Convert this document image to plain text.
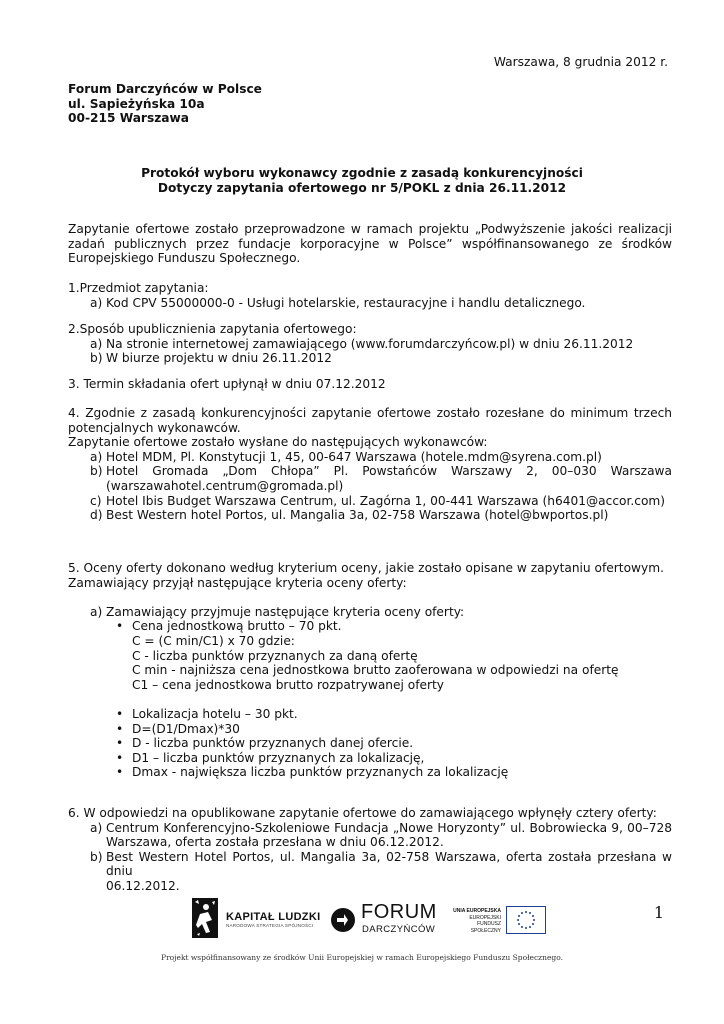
Warszawa, 8 grudnia 2012 r.
Forum Darczyńców w Polsce
ul. Sapieżyńska 10a
00-215 Warszawa
Protokół wyboru wykonawcy zgodnie z zasadą konkurencyjności
Dotyczy zapytania ofertowego nr 5/POKL z dnia 26.11.2012
Zapytanie ofertowe zostało przeprowadzone w ramach projektu „Podwyższenie jakości realizacji zadań publicznych przez fundacje korporacyjne w Polsce” współfinansowanego ze środków Europejskiego Funduszu Społecznego.
1.Przedmiot zapytania:
a) Kod CPV 55000000-0 - Usługi hotelarskie, restauracyjne i handlu detalicznego.
2.Sposób upublicznienia zapytania ofertowego:
a) Na stronie internetowej zamawiającego (www.forumdarczyńcow.pl) w dniu 26.11.2012
b) W biurze projektu w dniu 26.11.2012
3. Termin składania ofert upłynął w dniu 07.12.2012
4. Zgodnie z zasadą konkurencyjności zapytanie ofertowe zostało rozesłane do minimum trzech potencjalnych wykonawców.
Zapytanie ofertowe zostało wysłane do następujących wykonawców:
a) Hotel MDM, Pl. Konstytucji 1, 45, 00-647 Warszawa (hotele.mdm@syrena.com.pl)
b) Hotel Gromada „Dom Chłopa” Pl. Powstańców Warszawy 2, 00–030 Warszawa
(warszawahotel.centrum@gromada.pl)
c) Hotel Ibis Budget Warszawa Centrum, ul. Zagórna 1, 00-441 Warszawa (h6401@accor.com)
d) Best Western hotel Portos, ul. Mangalia 3a, 02-758 Warszawa (hotel@bwportos.pl)
5. Oceny oferty dokonano według kryterium oceny, jakie zostało opisane w zapytaniu ofertowym.
Zamawiający przyjął następujące kryteria oceny oferty:
a) Zamawiający przyjmuje następujące kryteria oceny oferty:
• Cena jednostkową brutto – 70 pkt.
C = (C min/C1) x 70 gdzie:
C - liczba punktów przyznanych za daną ofertę
C min - najniższa cena jednostkowa brutto zaoferowana w odpowiedzi na ofertę
C1 – cena jednostkowa brutto rozpatrywanej oferty
• Lokalizacja hotelu – 30 pkt.
• D=(D1/Dmax)*30
• D - liczba punktów przyznanych danej ofercie.
• D1 – liczba punktów przyznanych za lokalizację,
• Dmax - największa liczba punktów przyznanych za lokalizację
6. W odpowiedzi na opublikowane zapytanie ofertowe do zamawiającego wpłynęły cztery oferty:
a) Centrum Konferencyjno-Szkoleniowe Fundacja „Nowe Horyzonty” ul. Bobrowiecka 9, 00–728
Warszawa, oferta została przesłana w dniu 06.12.2012.
b) Best Western Hotel Portos, ul. Mangalia 3a, 02-758 Warszawa, oferta została przesłana w dniu
06.12.2012.
KAPITAŁ LUDZKI
NARODOWA STRATEGIA SPÓJNOŚCI
FORUM
DARCZYŃCÓW
UNIA EUROPEJSKA
EUROPEJSKI
FUNDUSZ SPOŁECZNY
1
Projekt współfinansowany ze środków Unii Europejskiej w ramach Europejskiego Funduszu Społecznego.
